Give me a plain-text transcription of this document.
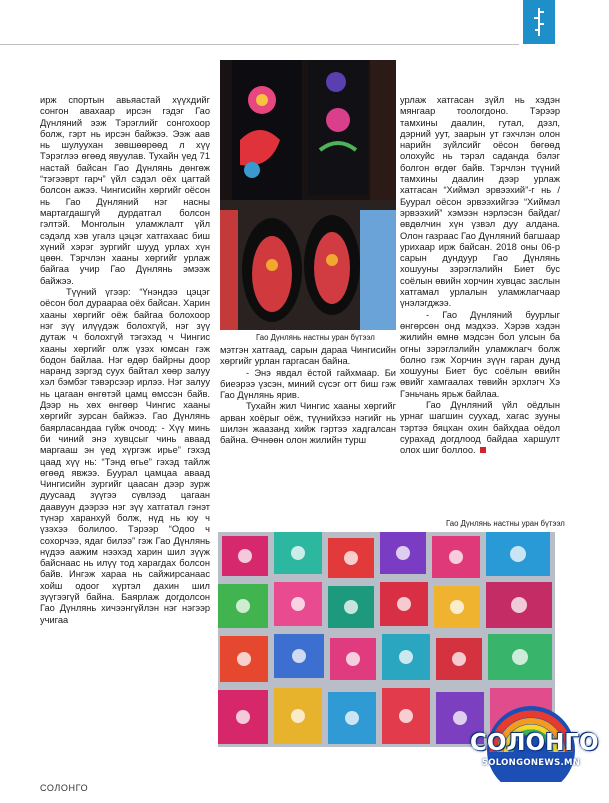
ирж спортын авьяастай хүүхдийг сонгон авахаар ирсэн гэдэг Гао Дүнляний ээж Тэрэглийг сонгохоор болж, гэрт нь ирсэн байжээ. Ээж аав нь шулуухан зөвшөөрөөд л хүү Тэрэглээ өгөөд явуулав. Тухайн үед 71 настай байсан Гао Дүнлянь дөнгөж “тэгээврт гарч” үйл сэдэл оёх цагтай болсон ажээ. Чингисийн хөргийг оёсон нь Гао Дүнляний нэг насны мартагдашгүй дурдатгал болсон гэлтэй. Монголын уламжлалт үйл сэдэлд хэв угалз цэцэг хатгахаас биш хүний хэрэг зургийг шууд урлах хүн цөөн. Тэрчлэн хааны хөргийг урлаж байгаа учир Гао Дүнлянь эмээж байжээ.

Түүний үгээр: “Үнэндээ цэцэг оёсон бол дураараа оёх байсан. Харин хааны хөргийг оёж байгаа болохоор нэг зүү илүүдэж болохгүй, нэг зүү дутаж ч болохгүй тэгэхэд ч Чингис хааны хөргийг олж үзэх юмсан гэж бодон байлаа. Нэг өдөр байрны доор наранд зэргэд суух байтал хөөр залуу хэл бэмбэг тэвэрсээр ирлээ. Нэг залуу нь цагаан өнгөтэй цамц өмссэн байв. Дээр нь хөх өнгөөр Чингис хааны хөргийг зурсан байжээ. Гао Дүнлянь баярласандаа гүйж очоод: - Хүү минь би чиний энэ хувцсыг чинь аваад маргааш эн үед хүргэж ирье” гэхэд цаад хүү нь: “Тэнд өгье” гэхэд тайлж өгөөд явжээ. Буурал цамцаа аваад Чингисийн зургийг цаасан дээр зурж дуусаад зүүгээ сүвлээд цагаан даавуун дээрээ нэг зүү хатгатал гэнэт түнэр харанхуй болж, нүд нь юу ч үзэхээ болилоо. Тэрээр “Одоо ч сохорчээ, ядаг билээ” гэж Гао Дүнлянь нүдээ аажим нээхэд харин шил зүүж байснаас нь илүү тод харагдах болсон байв. Ингэж хараа нь сайжирсанаас хойш одоог хүртэл дахин шил зүүгээгүй байна. Баярлаж догдолсон Гао Дүнлянь хичээнгүйлэн нэг нэгээр учигаа

Гао Дүнлянь настны уран бүтээл

мэтгэн хатгаад, сарын дараа Чингисийн хөргийг урлан гаргасан байна.

- Энэ явдал ёстой гайхмаар. Би биеэрээ үзсэн, миний сүсэг огт биш гэж Гао Дүнлянь ярив.

Тухайн жил Чингис хааны хөргийг арван хоёрыг оёж, түүнийхээ нэгийг нь шилэн жаазанд хийж гэртээ хадгалсан байна. Өчнөөн олон жилийн турш

урлаж хатгасан зүйл нь хэдэн мянгаар тоологдоно. Тэрээр тамхины даалин, гутал, дэзл, дэрний уут, заарын ут гэхчлэн олон нарийн зүйлсийг оёсон бөгөөд олохуйс нь тэрэл саданда бэлэг болгон өгдөг байв. Тэрчлэн түүний тамхины даалин дээр урлаж хатгасан “Хиймэл эрвээхий”-г нь / Буурал оёсон эрвээхийгээ “Хиймэл эрвээхий” хэмээн нэрлэсэн байдаг/ өвдөлчин хүн үзвэл дуу алдана. Олон газраас Гао Дүнляний багшаар урихаар ирж байсан. 2018 оны 06-р сарын дундуур Гао Дүнлянь хошууны зэрэглэлийн Биет бус соёлын өвийн хорчин хувцас заслын хатгамал урлалын уламжлагчаар үнэлэгджээ.

- Гао Дүнляний буурлыг өнгөрсөн онд мэдхээ. Хэрэв хэдэн жилийн өмнө мэдсэн бол улсын ба огны зэрэглэлийн уламжлагч болж болно гэж Хорчин зүүн гаран дунд хошууны Биет бус соёлын өвийн өвийг хамгаалах төвийн эрхлэгч Хэ Гэньчань ярьж байлаа.

Гао Дүнляний үйл оёдлын урнаг шагшин сууxад, хагас зууны тэртээ бяцхан охин байхдаа оёдол сураxад догдлоод байдаа харшулт олох шиг боллоо.

Гао Дүнлянь настны уран бүтээл
СОЛОНГО
СОЛОНГО
SOLONGONEWS.MN
